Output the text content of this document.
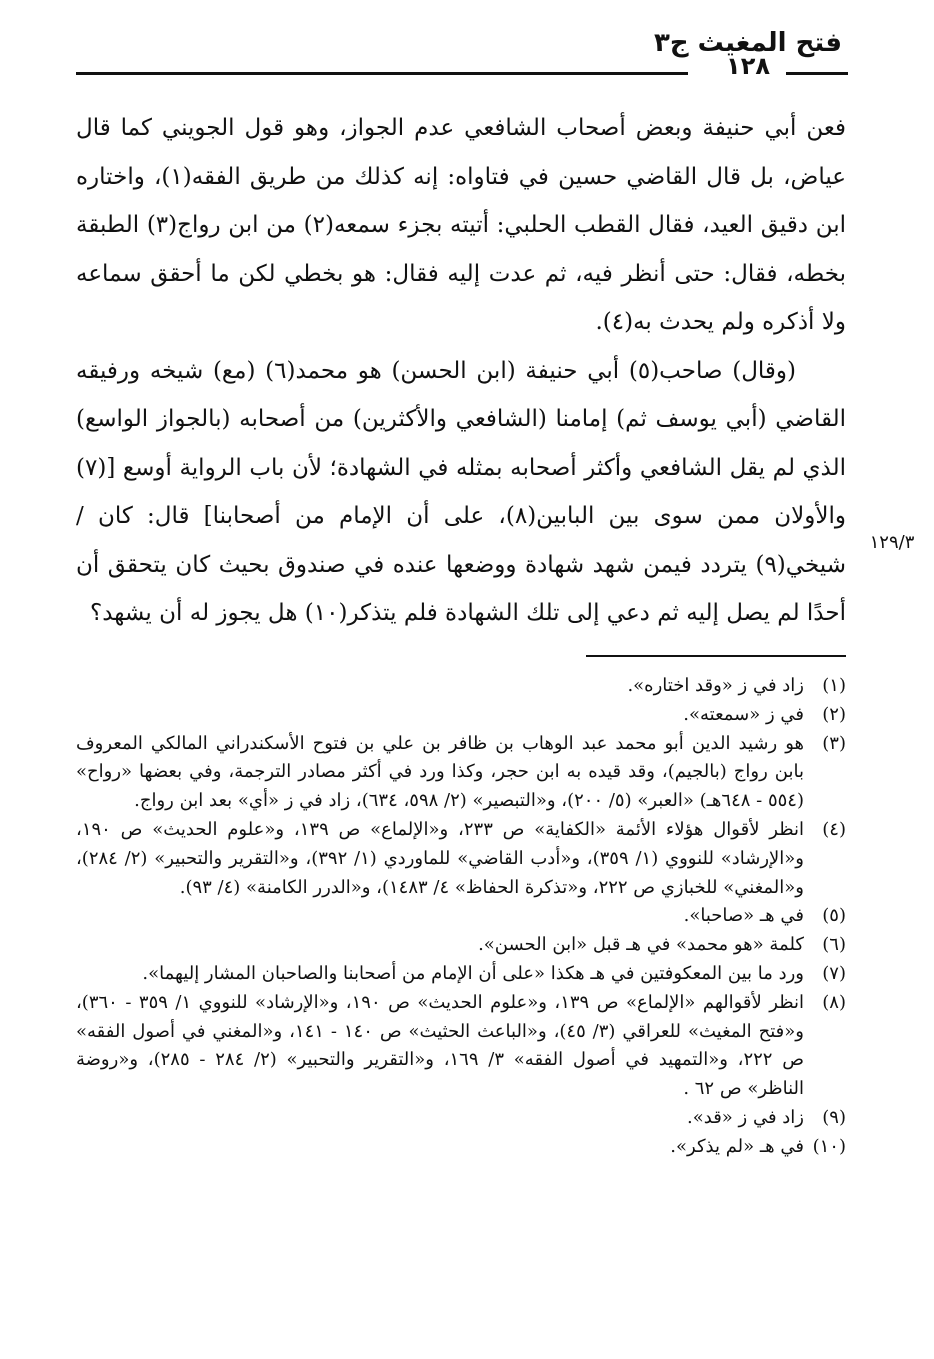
فتح المغيث ج٣
١٢٨

فعن أبي حنيفة وبعض أصحاب الشافعي عدم الجواز، وهو قول الجويني كما قال عياض، بل قال القاضي حسين في فتاواه: إنه كذلك من طريق الفقه(١)، واختاره ابن دقيق العيد، فقال القطب الحلبي: أتيته بجزء سمعه(٢) من ابن رواج(٣) الطبقة بخطه، فقال: حتى أنظر فيه، ثم عدت إليه فقال: هو بخطي لكن ما أحقق سماعه ولا أذكره ولم يحدث به(٤).

(وقال) صاحب(٥) أبي حنيفة (ابن الحسن) هو محمد(٦) (مع) شيخه ورفيقه القاضي (أبي يوسف ثم) إمامنا (الشافعي والأكثرين) من أصحابه (بالجواز الواسع) الذي لم يقل الشافعي وأكثر أصحابه بمثله في الشهادة؛ لأن باب الرواية أوسع [(٧) والأولان ممن سوى بين البابين(٨)، على أن الإمام من أصحابنا] قال: كان / شيخي(٩) يتردد فيمن شهد شهادة ووضعها عنده في صندوق بحيث كان يتحقق أن أحدًا لم يصل إليه ثم دعي إلى تلك الشهادة فلم يتذكر(١٠) هل يجوز له أن يشهد؟

١٢٩/٣
(١)
زاد في ز «وقد اختاره».
(٢)
في ز «سمعته».
(٣)
هو رشيد الدين أبو محمد عبد الوهاب بن ظافر بن علي بن فتوح الأسكندراني المالكي المعروف بابن رواج (بالجيم)، وقد قيده به ابن حجر، وكذا ورد في أكثر مصادر الترجمة، وفي بعضها «رواح» (٥٥٤ - ٦٤٨هـ) «العبر» (٥/ ٢٠٠)، و«التبصير» (٢/ ٥٩٨، ٦٣٤)، زاد في ز «أي» بعد ابن رواج.
(٤)
انظر لأقوال هؤلاء الأئمة «الكفاية» ص ٢٣٣، و«الإلماع» ص ١٣٩، و«علوم الحديث» ص ١٩٠، و«الإرشاد» للنووي (١/ ٣٥٩)، و«أدب القاضي» للماوردي (١/ ٣٩٢)، و«التقرير والتحبير» (٢/ ٢٨٤)، و«المغني» للخبازي ص ٢٢٢، و«تذكرة الحفاظ» ٤/ ١٤٨٣)، و«الدرر الكامنة» (٤/ ٩٣).
(٥)
في هـ «صاحبا».
(٦)
كلمة «هو محمد» في هـ قبل «ابن الحسن».
(٧)
ورد ما بين المعكوفتين في هـ هكذا «على أن الإمام من أصحابنا والصاحبان المشار إليهما».
(٨)
انظر لأقوالهم «الإلماع» ص ١٣٩، و«علوم الحديث» ص ١٩٠، و«الإرشاد» للنووي ١/ ٣٥٩ - ٣٦٠)، و«فتح المغيث» للعراقي (٣/ ٤٥)، و«الباعث الحثيث» ص ١٤٠ - ١٤١، و«المغني في أصول الفقه» ص ٢٢٢، و«التمهيد في أصول الفقه» ٣/ ١٦٩، و«التقرير والتحبير» (٢/ ٢٨٤ - ٢٨٥)، و«روضة الناظر» ص ٦٢ .
(٩)
زاد في ز «قد».
(١٠)
في هـ «لم يذكر».
